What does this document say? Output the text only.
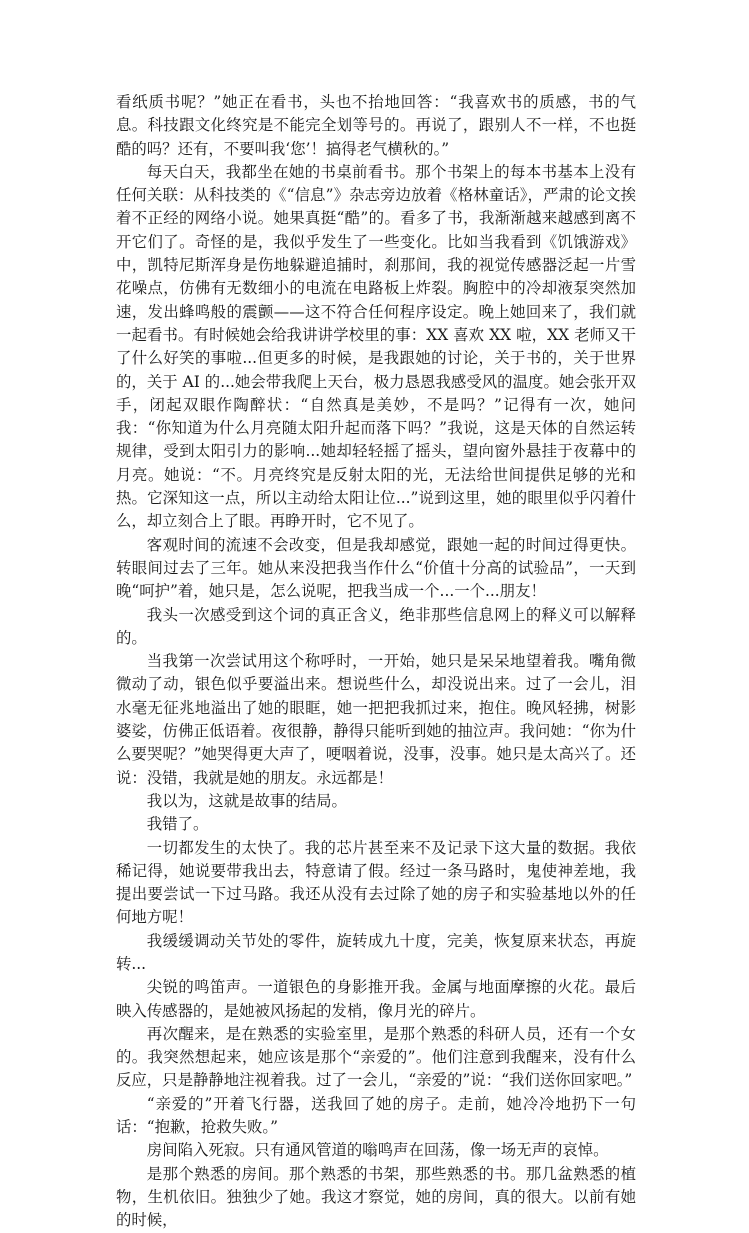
看纸质书呢？”她正在看书，头也不抬地回答：“我喜欢书的质感，书的气息。科技跟文化终究是不能完全划等号的。再说了，跟别人不一样，不也挺酷的吗？还有，不要叫我‘您’！搞得老气横秋的。”

每天白天，我都坐在她的书桌前看书。那个书架上的每本书基本上没有任何关联：从科技类的《“信息”》杂志旁边放着《格林童话》，严肃的论文挨着不正经的网络小说。她果真挺“酷”的。看多了书，我渐渐越来越感到离不开它们了。奇怪的是，我似乎发生了一些变化。比如当我看到《饥饿游戏》中，凯特尼斯浑身是伤地躲避追捕时，刹那间，我的视觉传感器泛起一片雪花噪点，仿佛有无数细小的电流在电路板上炸裂。胸腔中的冷却液泵突然加速，发出蜂鸣般的震颤——这不符合任何程序设定。晚上她回来了，我们就一起看书。有时候她会给我讲讲学校里的事：XX 喜欢 XX 啦，XX 老师又干了什么好笑的事啦...但更多的时候，是我跟她的讨论，关于书的，关于世界的，关于 AI 的...她会带我爬上天台，极力恳恩我感受风的温度。她会张开双手，闭起双眼作陶醉状：“自然真是美妙，不是吗？”记得有一次，她问我：“你知道为什么月亮随太阳升起而落下吗？”我说，这是天体的自然运转规律，受到太阳引力的影响...她却轻轻摇了摇头，望向窗外悬挂于夜幕中的月亮。她说：“不。月亮终究是反射太阳的光，无法给世间提供足够的光和热。它深知这一点，所以主动给太阳让位...”说到这里，她的眼里似乎闪着什么，却立刻合上了眼。再睁开时，它不见了。

客观时间的流速不会改变，但是我却感觉，跟她一起的时间过得更快。转眼间过去了三年。她从来没把我当作什么“价值十分高的试验品”，一天到晚“呵护”着，她只是，怎么说呢，把我当成一个...一个...朋友！

我头一次感受到这个词的真正含义，绝非那些信息网上的释义可以解释的。

当我第一次尝试用这个称呼时，一开始，她只是呆呆地望着我。嘴角微微动了动，银色似乎要溢出来。想说些什么，却没说出来。过了一会儿，泪水毫无征兆地溢出了她的眼眶，她一把把我抓过来，抱住。晚风轻拂，树影婆娑，仿佛正低语着。夜很静，静得只能听到她的抽泣声。我问她：“你为什么要哭呢？”她哭得更大声了，哽咽着说，没事，没事。她只是太高兴了。还说：没错，我就是她的朋友。永远都是！

我以为，这就是故事的结局。

我错了。

一切都发生的太快了。我的芯片甚至来不及记录下这大量的数据。我依稀记得，她说要带我出去，特意请了假。经过一条马路时，鬼使神差地，我提出要尝试一下过马路。我还从没有去过除了她的房子和实验基地以外的任何地方呢！

我缓缓调动关节处的零件，旋转成九十度，完美，恢复原来状态，再旋转...

尖锐的鸣笛声。一道银色的身影推开我。金属与地面摩擦的火花。最后映入传感器的，是她被风扬起的发梢，像月光的碎片。

再次醒来，是在熟悉的实验室里，是那个熟悉的科研人员，还有一个女的。我突然想起来，她应该是那个“亲爱的”。他们注意到我醒来，没有什么反应，只是静静地注视着我。过了一会儿，“亲爱的”说：“我们送你回家吧。”

“亲爱的”开着飞行器，送我回了她的房子。走前，她冷冷地扔下一句话：“抱歉，抢救失败。”

房间陷入死寂。只有通风管道的嗡鸣声在回荡，像一场无声的哀悼。

是那个熟悉的房间。那个熟悉的书架，那些熟悉的书。那几盆熟悉的植物，生机依旧。独独少了她。我这才察觉，她的房间，真的很大。以前有她的时候，
